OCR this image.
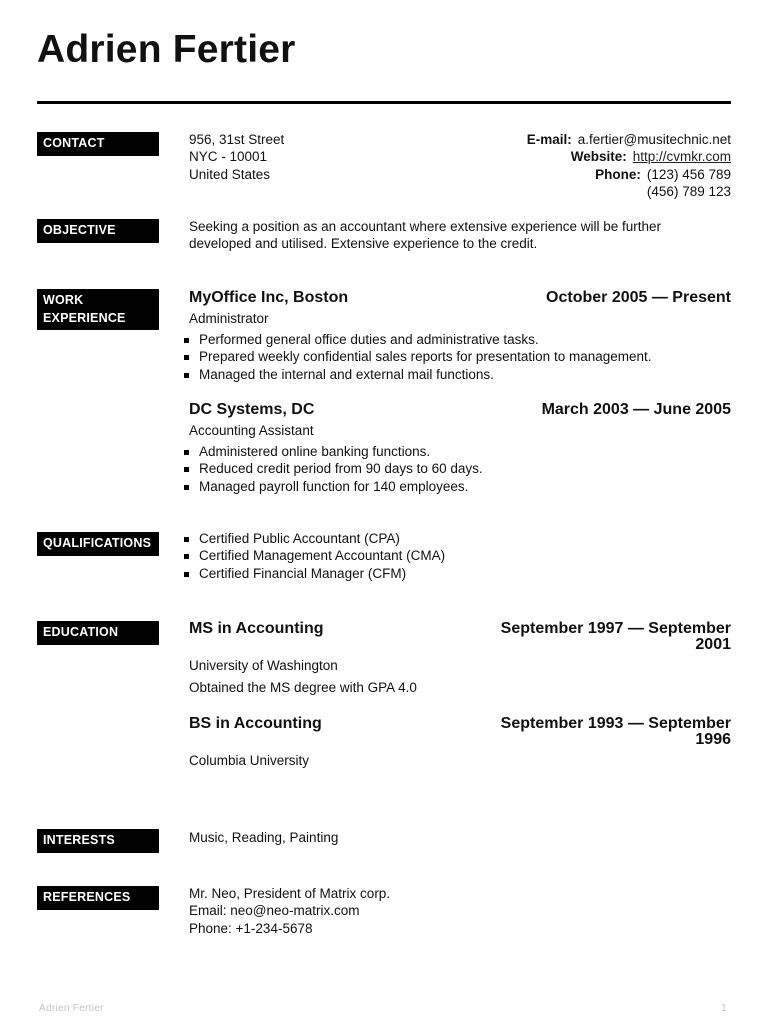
Adrien Fertier
CONTACT	956, 31st Street
NYC - 10001
United States
E-mail: a.fertier@musitechnic.net
Website: http://cvmkr.com
Phone: (123) 456 789
(456) 789 123
OBJECTIVE	Seeking a position as an accountant where extensive experience will be further developed and utilised. Extensive experience to the credit.
WORK
EXPERIENCE
MyOffice Inc, Boston	October 2005 — Present
Administrator
Performed general office duties and administrative tasks.
Prepared weekly confidential sales reports for presentation to management.
Managed the internal and external mail functions.
DC Systems, DC	March 2003 — June 2005
Accounting Assistant
Administered online banking functions.
Reduced credit period from 90 days to 60 days.
Managed payroll function for 140 employees.
QUALIFICATIONS	Certified Public Accountant (CPA)
Certified Management Accountant (CMA)
Certified Financial Manager (CFM)
EDUCATION	MS in Accounting	September 1997 — September
2001
University of Washington
Obtained the MS degree with GPA 4.0
BS in Accounting	September 1993 — September
1996
Columbia University
INTERESTS	Music, Reading, Painting
REFERENCES	Mr. Neo, President of Matrix corp.
Email: neo@neo-matrix.com
Phone: +1-234-5678
Adrien Fertier	1
